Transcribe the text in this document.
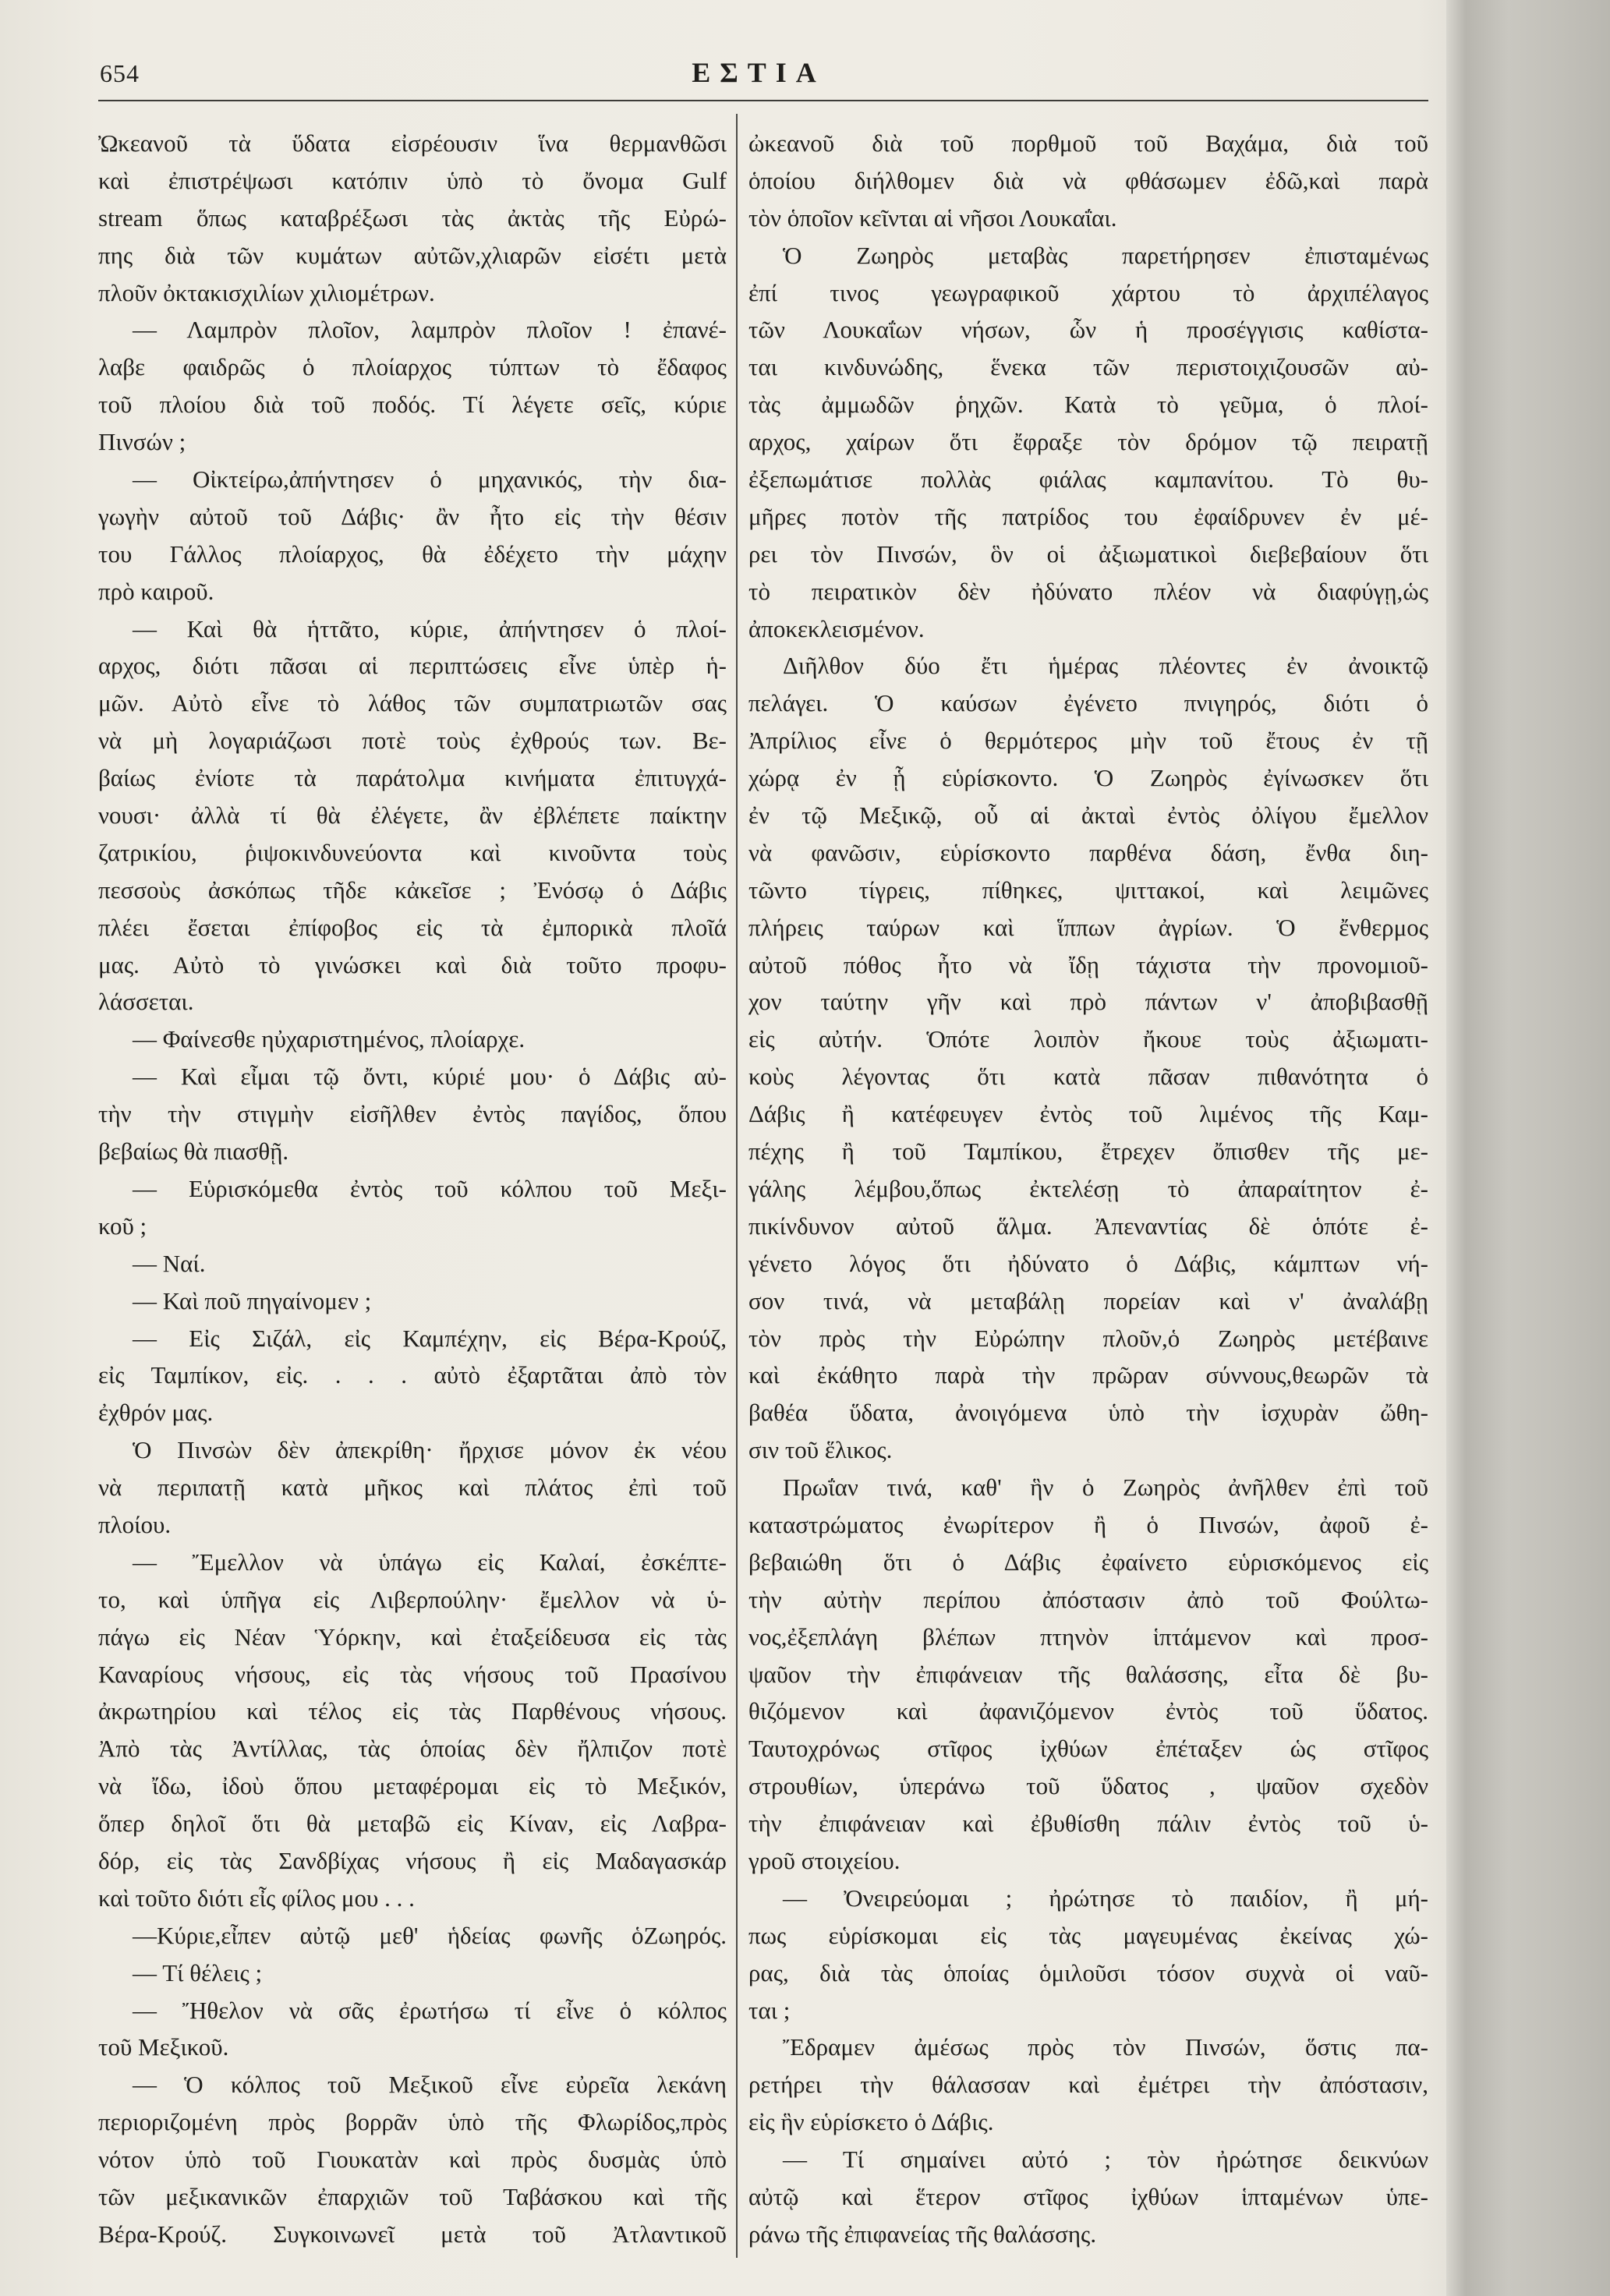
654	ΕΣΤΙΑ
Ὠκεανοῦ τὰ ὕδατα εἰσρέουσιν ἵνα θερμανθῶσι
καὶ ἐπιστρέψωσι κατόπιν ὑπὸ τὸ ὄνομα Gulf
stream ὅπως καταβρέξωσι τὰς ἀκτὰς τῆς Εὐρώ-
πης διὰ τῶν κυμάτων αὐτῶν,χλιαρῶν εἰσέτι μετὰ
πλοῦν ὀκτακισχιλίων χιλιομέτρων.
— Λαμπρὸν πλοῖον, λαμπρὸν πλοῖον ! ἐπανέ-
λαβε φαιδρῶς ὁ πλοίαρχος τύπτων τὸ ἔδαφος
τοῦ πλοίου διὰ τοῦ ποδός. Τί λέγετε σεῖς, κύριε
Πινσών ;
— Οἰκτείρω,ἀπήντησεν ὁ μηχανικός, τὴν δια-
γωγὴν αὐτοῦ τοῦ Δάβις· ἂν ἦτο εἰς τὴν θέσιν
του Γάλλος πλοίαρχος, θὰ ἐδέχετο τὴν μάχην
πρὸ καιροῦ.
— Καὶ θὰ ἡττᾶτο, κύριε, ἀπήντησεν ὁ πλοί-
αρχος, διότι πᾶσαι αἱ περιπτώσεις εἶνε ὑπὲρ ἡ-
μῶν. Αὐτὸ εἶνε τὸ λάθος τῶν συμπατριωτῶν σας
νὰ μὴ λογαριάζωσι ποτὲ τοὺς ἐχθρούς των. Βε-
βαίως ἐνίοτε τὰ παράτολμα κινήματα ἐπιτυγχά-
νουσι· ἀλλὰ τί θὰ ἐλέγετε, ἂν ἐβλέπετε παίκτην
ζατρικίου, ῥιψοκινδυνεύοντα καὶ κινοῦντα τοὺς
πεσσοὺς ἀσκόπως τῆδε κἀκεῖσε ; Ἐνόσῳ ὁ Δάβις
πλέει ἔσεται ἐπίφοβος εἰς τὰ ἐμπορικὰ πλοῖά
μας. Αὐτὸ τὸ γινώσκει καὶ διὰ τοῦτο προφυ-
λάσσεται.
— Φαίνεσθε ηὐχαριστημένος, πλοίαρχε.
— Καὶ εἶμαι τῷ ὄντι, κύριέ μου· ὁ Δάβις αὐ-
τὴν τὴν στιγμὴν εἰσῆλθεν ἐντὸς παγίδος, ὅπου
βεβαίως θὰ πιασθῇ.
— Εὑρισκόμεθα ἐντὸς τοῦ κόλπου τοῦ Μεξι-
κοῦ ;
— Ναί.
— Καὶ ποῦ πηγαίνομεν ;
— Εἰς Σιζάλ, εἰς Καμπέχην, εἰς Βέρα-Κρούζ,
εἰς Ταμπίκον, εἰς. . . . αὐτὸ ἐξαρτᾶται ἀπὸ τὸν
ἐχθρόν μας.
Ὁ Πινσὼν δὲν ἀπεκρίθη· ἤρχισε μόνον ἐκ νέου
νὰ περιπατῇ κατὰ μῆκος καὶ πλάτος ἐπὶ τοῦ
πλοίου.
— Ἔμελλον νὰ ὑπάγω εἰς Καλαί, ἐσκέπτε-
το, καὶ ὑπῆγα εἰς Λιβερπούλην· ἔμελλον νὰ ὑ-
πάγω εἰς Νέαν Ὑόρκην, καὶ ἐταξείδευσα εἰς τὰς
Καναρίους νήσους, εἰς τὰς νήσους τοῦ Πρασίνου
ἀκρωτηρίου καὶ τέλος εἰς τὰς Παρθένους νήσους.
Ἀπὸ τὰς Ἀντίλλας, τὰς ὁποίας δὲν ἤλπιζον ποτὲ
νὰ ἴδω, ἰδοὺ ὅπου μεταφέρομαι εἰς τὸ Μεξικόν,
ὅπερ δηλοῖ ὅτι θὰ μεταβῶ εἰς Κίναν, εἰς Λαβρα-
δόρ, εἰς τὰς Σανδβίχας νήσους ἢ εἰς Μαδαγασκάρ
καὶ τοῦτο διότι εἶς φίλος μου . . .
—Κύριε,εἶπεν αὐτῷ μεθ' ἡδείας φωνῆς ὁΖωηρός.
— Τί θέλεις ;
— Ἤθελον νὰ σᾶς ἐρωτήσω τί εἶνε ὁ κόλπος
τοῦ Μεξικοῦ.
— Ὁ κόλπος τοῦ Μεξικοῦ εἶνε εὐρεῖα λεκάνη
περιοριζομένη πρὸς βορρᾶν ὑπὸ τῆς Φλωρίδος,πρὸς
νότον ὑπὸ τοῦ Γιουκατὰν καὶ πρὸς δυσμὰς ὑπὸ
τῶν μεξικανικῶν ἐπαρχιῶν τοῦ Ταβάσκου καὶ τῆς
Βέρα-Κρούζ. Συγκοινωνεῖ μετὰ τοῦ Ἀτλαντικοῦ
ὠκεανοῦ διὰ τοῦ πορθμοῦ τοῦ Βαχάμα, διὰ τοῦ
ὁποίου διήλθομεν διὰ νὰ φθάσωμεν ἐδῶ,καὶ παρὰ
τὸν ὁποῖον κεῖνται αἱ νῆσοι Λουκαΐαι.
Ὁ Ζωηρὸς μεταβὰς παρετήρησεν ἐπισταμένως
ἐπί τινος γεωγραφικοῦ χάρτου τὸ ἀρχιπέλαγος
τῶν Λουκαΐων νήσων, ὧν ἡ προσέγγισις καθίστα-
ται κινδυνώδης, ἕνεκα τῶν περιστοιχιζουσῶν αὐ-
τὰς ἀμμωδῶν ῥηχῶν. Κατὰ τὸ γεῦμα, ὁ πλοί-
αρχος, χαίρων ὅτι ἔφραξε τὸν δρόμον τῷ πειρατῇ
ἐξεπωμάτισε πολλὰς φιάλας καμπανίτου. Τὸ θυ-
μῆρες ποτὸν τῆς πατρίδος του ἐφαίδρυνεν ἐν μέ-
ρει τὸν Πινσών, ὃν οἱ ἀξιωματικοὶ διεβεβαίουν ὅτι
τὸ πειρατικὸν δὲν ἠδύνατο πλέον νὰ διαφύγῃ,ὡς
ἀποκεκλεισμένον.
Διῆλθον δύο ἔτι ἡμέρας πλέοντες ἐν ἀνοικτῷ
πελάγει. Ὁ καύσων ἐγένετο πνιγηρός, διότι ὁ
Ἀπρίλιος εἶνε ὁ θερμότερος μὴν τοῦ ἔτους ἐν τῇ
χώρᾳ ἐν ᾗ εὑρίσκοντο. Ὁ Ζωηρὸς ἐγίνωσκεν ὅτι
ἐν τῷ Μεξικῷ, οὗ αἱ ἀκταὶ ἐντὸς ὀλίγου ἔμελλον
νὰ φανῶσιν, εὑρίσκοντο παρθένα δάση, ἔνθα διη-
τῶντο τίγρεις, πίθηκες, ψιττακοί, καὶ λειμῶνες
πλήρεις ταύρων καὶ ἵππων ἀγρίων. Ὁ ἔνθερμος
αὐτοῦ πόθος ἦτο νὰ ἴδῃ τάχιστα τὴν προνομιοῦ-
χον ταύτην γῆν καὶ πρὸ πάντων ν' ἀποβιβασθῇ
εἰς αὐτήν. Ὁπότε λοιπὸν ἤκουε τοὺς ἀξιωματι-
κοὺς λέγοντας ὅτι κατὰ πᾶσαν πιθανότητα ὁ
Δάβις ἢ κατέφευγεν ἐντὸς τοῦ λιμένος τῆς Καμ-
πέχης ἢ τοῦ Ταμπίκου, ἔτρεχεν ὄπισθεν τῆς με-
γάλης λέμβου,ὅπως ἐκτελέσῃ τὸ ἀπαραίτητον ἐ-
πικίνδυνον αὐτοῦ ἅλμα. Ἀπεναντίας δὲ ὁπότε ἐ-
γένετο λόγος ὅτι ἠδύνατο ὁ Δάβις, κάμπτων νή-
σον τινά, νὰ μεταβάλῃ πορείαν καὶ ν' ἀναλάβῃ
τὸν πρὸς τὴν Εὐρώπην πλοῦν,ὁ Ζωηρὸς μετέβαινε
καὶ ἐκάθητο παρὰ τὴν πρῶραν σύννους,θεωρῶν τὰ
βαθέα ὕδατα, ἀνοιγόμενα ὑπὸ τὴν ἰσχυρὰν ὤθη-
σιν τοῦ ἕλικος.
Πρωΐαν τινά, καθ' ἣν ὁ Ζωηρὸς ἀνῆλθεν ἐπὶ τοῦ
καταστρώματος ἐνωρίτερον ἢ ὁ Πινσών, ἀφοῦ ἐ-
βεβαιώθη ὅτι ὁ Δάβις ἐφαίνετο εὑρισκόμενος εἰς
τὴν αὐτὴν περίπου ἀπόστασιν ἀπὸ τοῦ Φούλτω-
νος,ἐξεπλάγη βλέπων πτηνὸν ἱπτάμενον καὶ προσ-
ψαῦον τὴν ἐπιφάνειαν τῆς θαλάσσης, εἶτα δὲ βυ-
θιζόμενον καὶ ἀφανιζόμενον ἐντὸς τοῦ ὕδατος.
Ταυτοχρόνως στῖφος ἰχθύων ἐπέταξεν ὡς στῖφος
στρουθίων, ὑπεράνω τοῦ ὕδατος , ψαῦον σχεδὸν
τὴν ἐπιφάνειαν καὶ ἐβυθίσθη πάλιν ἐντὸς τοῦ ὑ-
γροῦ στοιχείου.
— Ὀνειρεύομαι ; ἠρώτησε τὸ παιδίον, ἢ μή-
πως εὑρίσκομαι εἰς τὰς μαγευμένας ἐκείνας χώ-
ρας, διὰ τὰς ὁποίας ὁμιλοῦσι τόσον συχνὰ οἱ ναῦ-
ται ;
Ἔδραμεν ἀμέσως πρὸς τὸν Πινσών, ὅστις πα-
ρετήρει τὴν θάλασσαν καὶ ἐμέτρει τὴν ἀπόστασιν,
εἰς ἣν εὑρίσκετο ὁ Δάβις.
— Τί σημαίνει αὐτό ; τὸν ἠρώτησε δεικνύων
αὐτῷ καὶ ἕτερον στῖφος ἰχθύων ἱπταμένων ὑπε-
ράνω τῆς ἐπιφανείας τῆς θαλάσσης.
